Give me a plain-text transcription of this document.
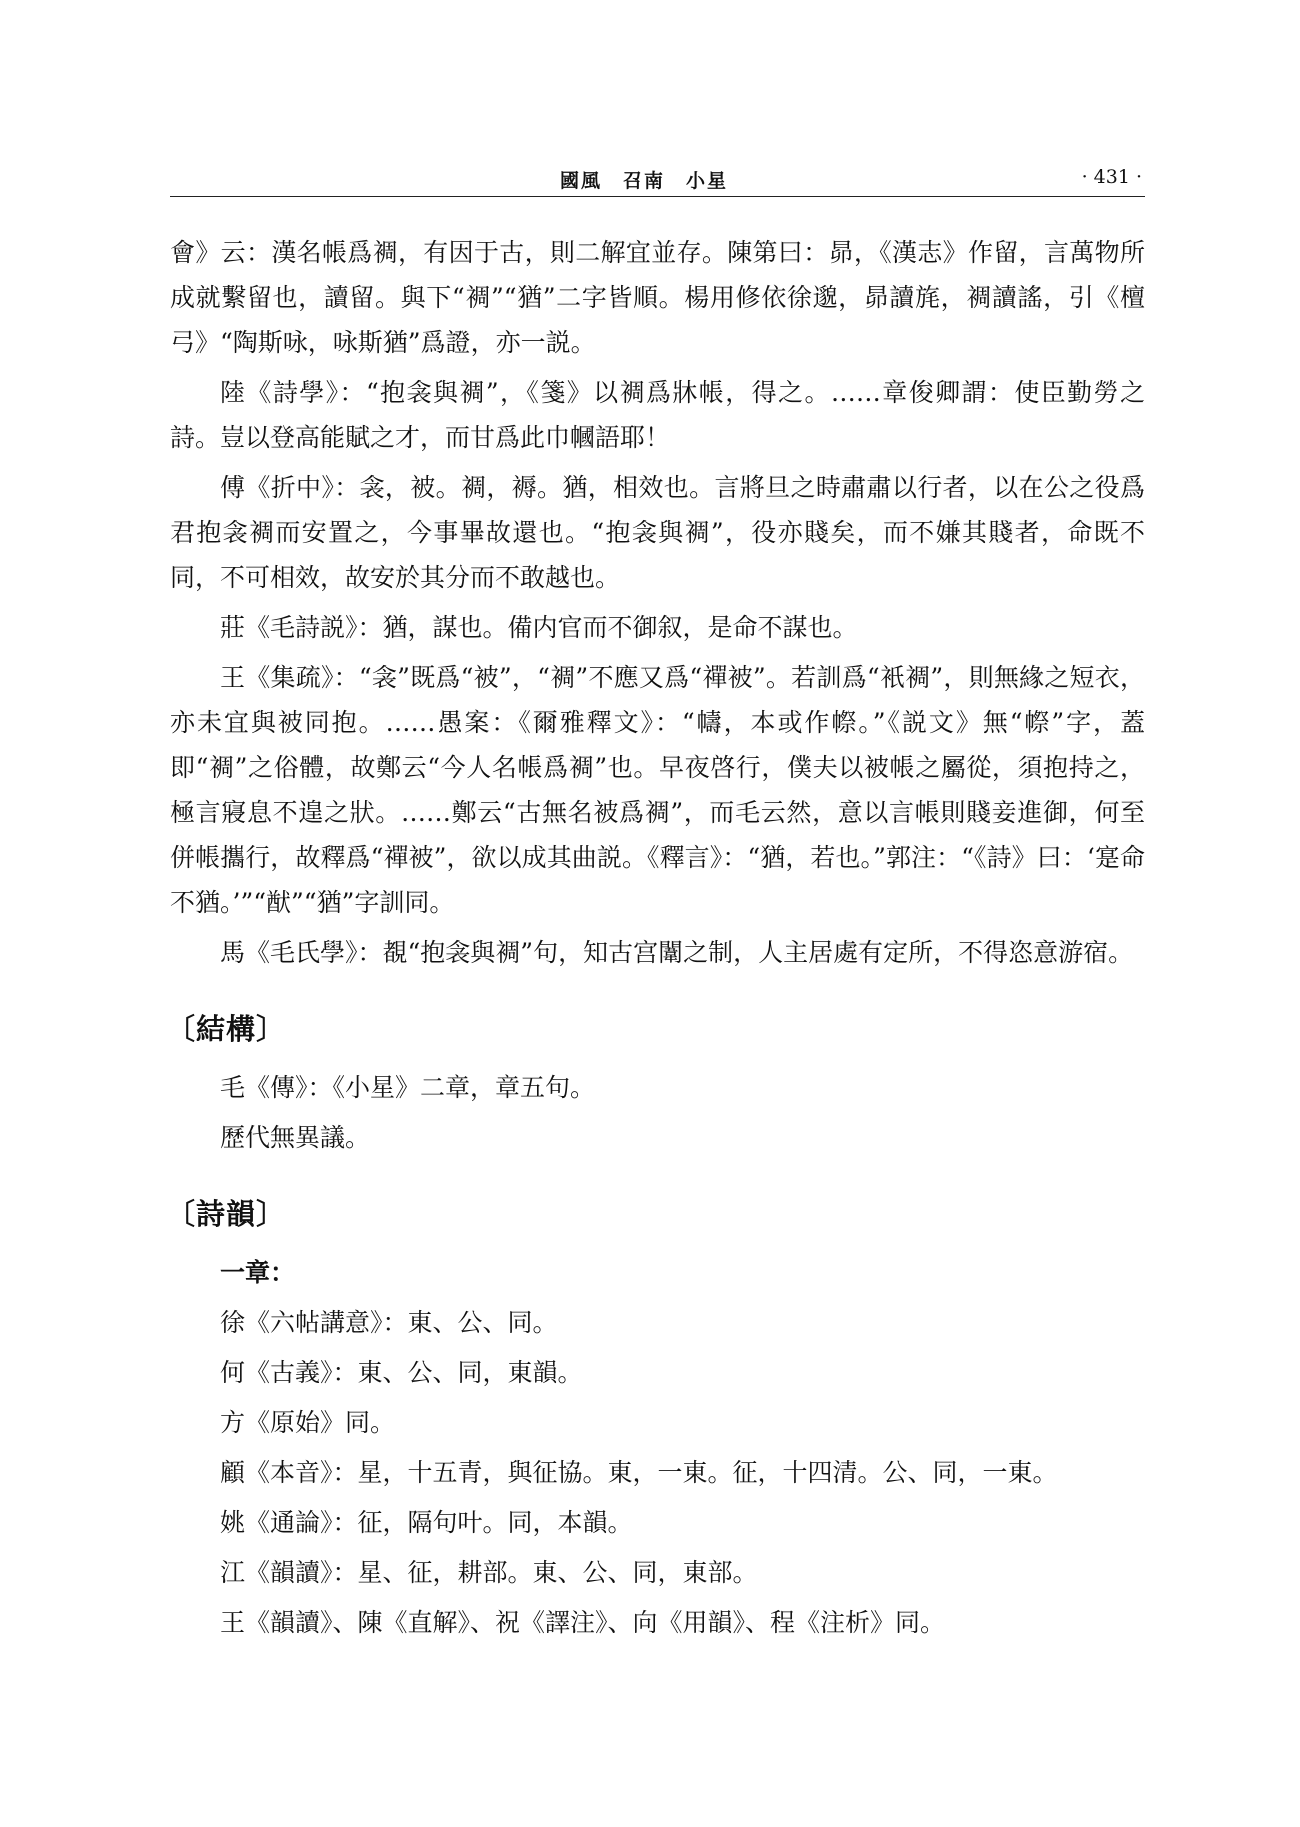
國風　召南　小星	· 431 ·

會》云：漢名帳爲裯，有因于古，則二解宜並存。陳第曰：昴，《漢志》作留，言萬物所成就繫留也，讀留。與下“裯”“猶”二字皆順。楊用修依徐邈，昴讀旄，裯讀謠，引《檀弓》“陶斯咏，咏斯猶”爲證，亦一説。

陸《詩學》：“抱衾與裯”，《箋》以裯爲牀帳，得之。……章俊卿謂：使臣勤勞之詩。豈以登高能賦之才，而甘爲此巾幗語耶！

傅《折中》：衾，被。裯，褥。猶，相效也。言將旦之時肅肅以行者，以在公之役爲君抱衾裯而安置之，今事畢故還也。“抱衾與裯”，役亦賤矣，而不嫌其賤者，命既不同，不可相效，故安於其分而不敢越也。

莊《毛詩説》：猶，謀也。備内官而不御叙，是命不謀也。

王《集疏》：“衾”既爲“被”，“裯”不應又爲“禪被”。若訓爲“衹裯”，則無緣之短衣，亦未宜與被同抱。……愚案：《爾雅釋文》：“幬，本或作㡜。”《説文》無“㡜”字，蓋即“裯”之俗體，故鄭云“今人名帳爲裯”也。早夜啓行，僕夫以被帳之屬從，須抱持之，極言寢息不遑之狀。……鄭云“古無名被爲裯”，而毛云然，意以言帳則賤妾進御，何至併帳攜行，故釋爲“禪被”，欲以成其曲説。《釋言》：“猶，若也。”郭注：“《詩》曰：‘寔命不猶。’”“猷”“猶”字訓同。

馬《毛氏學》：覩“抱衾與裯”句，知古宫闈之制，人主居處有定所，不得恣意游宿。

〔結構〕
毛《傳》：《小星》二章，章五句。
歷代無異議。
〔詩韻〕
一章：
徐《六帖講意》：東、公、同。
何《古義》：東、公、同，東韻。
方《原始》同。
顧《本音》：星，十五青，與征協。東，一東。征，十四清。公、同，一東。
姚《通論》：征，隔句叶。同，本韻。
江《韻讀》：星、征，耕部。東、公、同，東部。
王《韻讀》、陳《直解》、祝《譯注》、向《用韻》、程《注析》同。
